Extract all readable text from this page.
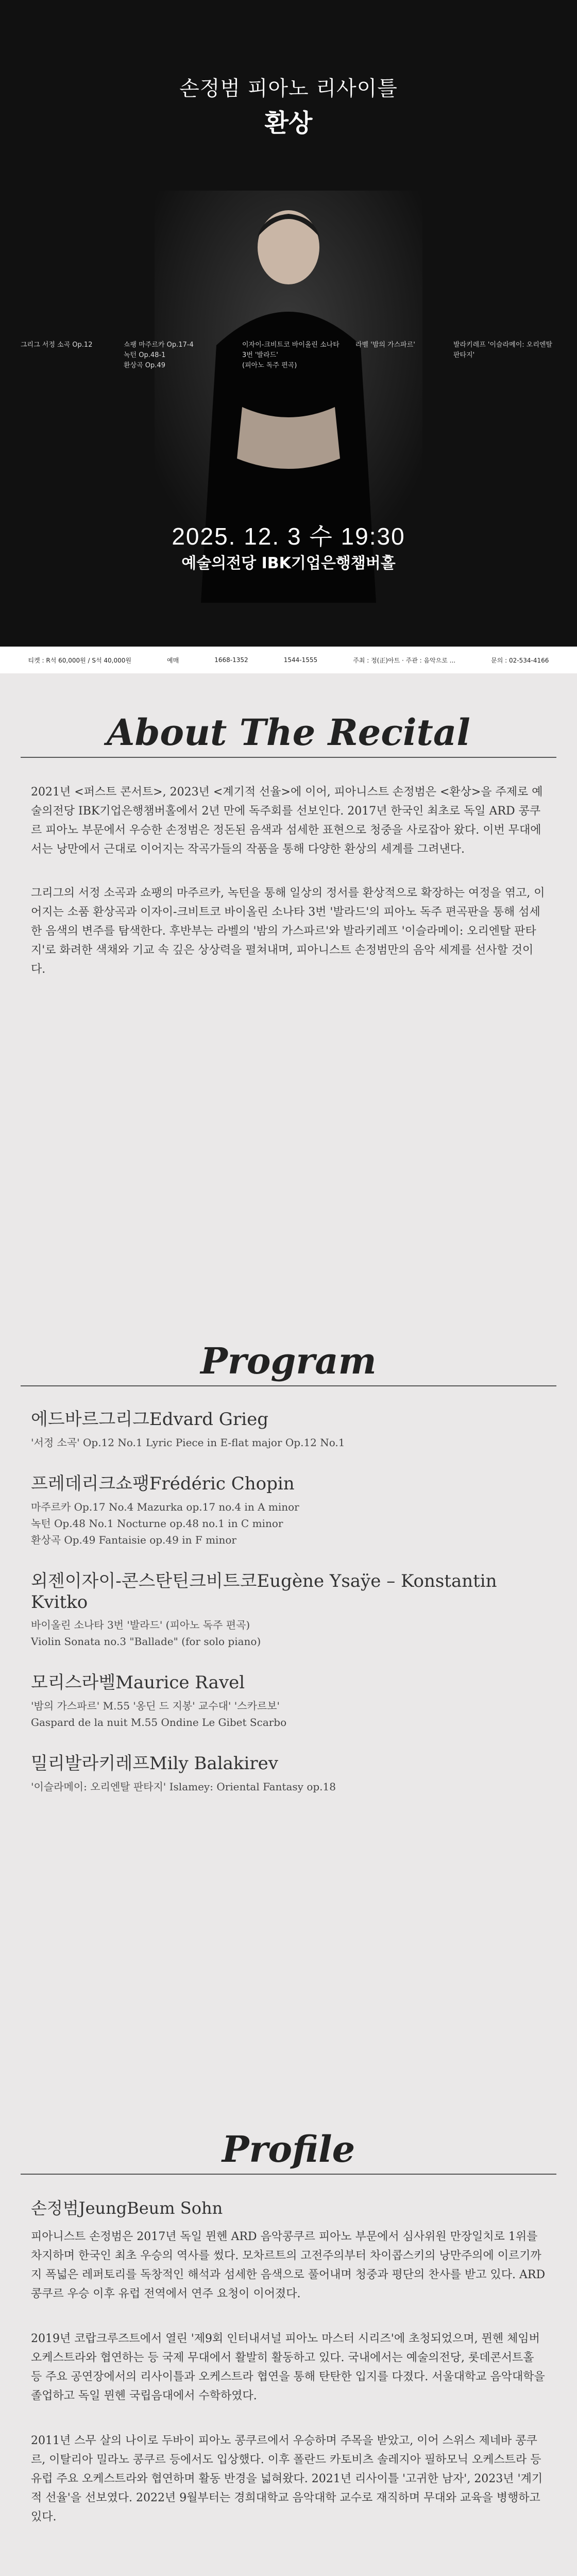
손정범 피아노 리사이틀
환상
그리그 서정 소곡 Op.12	쇼팽 마주르카 Op.17-4
녹턴 Op.48-1
환상곡 Op.49
이자이-크비트코 바이올린 소나타 3번 '발라드'
(피아노 독주 편곡)
라벨 '밤의 가스파르'	발라키레프 '이슬라메이: 오리엔탈 판타지'
2025. 12. 3 수 19:30
예술의전당 IBK기업은행챔버홀
티켓 : R석 60,000원 / S석 40,000원	예매	1668-1352	1544-1555	주최 : 정(正)아트 · 주관 : 음악으로 ...	문의 : 02-534-4166
About The Recital

2021년 <퍼스트 콘서트>, 2023년 <계기적 선율>에 이어, 피아니스트 손정범은 <환상>을 주제로 예술의전당 IBK기업은행챔버홀에서 2년 만에 독주회를 선보인다. 2017년 한국인 최초로 독일 ARD 콩쿠르 피아노 부문에서 우승한 손정범은 정돈된 음색과 섬세한 표현으로 청중을 사로잡아 왔다. 이번 무대에서는 낭만에서 근대로 이어지는 작곡가들의 작품을 통해 다양한 환상의 세계를 그려낸다.

그리그의 서정 소곡과 쇼팽의 마주르카, 녹턴을 통해 일상의 정서를 환상적으로 확장하는 여정을 엮고, 이어지는 소품 환상곡과 이자이-크비트코 바이올린 소나타 3번 '발라드'의 피아노 독주 편곡판을 통해 섬세한 음색의 변주를 탐색한다. 후반부는 라벨의 '밤의 가스파르'와 발라키레프 '이슬라메이: 오리엔탈 판타지'로 화려한 색채와 기교 속 깊은 상상력을 펼쳐내며, 피아니스트 손정범만의 음악 세계를 선사할 것이다.

Program
에드바르그리그Edvard Grieg
'서정 소곡' Op.12 No.1 Lyric Piece in E-flat major Op.12 No.1
프레데리크쇼팽Frédéric Chopin
마주르카 Op.17 No.4 Mazurka op.17 no.4 in A minor
녹턴 Op.48 No.1 Nocturne op.48 no.1 in C minor
환상곡 Op.49 Fantaisie op.49 in F minor
외젠이자이-콘스탄틴크비트코Eugène Ysaÿe – Konstantin Kvitko
바이올린 소나타 3번 '발라드' (피아노 독주 편곡)
Violin Sonata no.3 "Ballade" (for solo piano)
모리스라벨Maurice Ravel
'밤의 가스파르' M.55 '옹딘 드 지봉' 교수대' '스카르보'
Gaspard de la nuit M.55 Ondine Le Gibet Scarbo
밀리발라키레프Mily Balakirev
'이슬라메이: 오리엔탈 판타지' Islamey: Oriental Fantasy op.18
Profile
손정범JeungBeum Sohn

피아니스트 손정범은 2017년 독일 뮌헨 ARD 음악콩쿠르 피아노 부문에서 심사위원 만장일치로 1위를 차지하며 한국인 최초 우승의 역사를 썼다. 모차르트의 고전주의부터 차이콥스키의 낭만주의에 이르기까지 폭넓은 레퍼토리를 독창적인 해석과 섬세한 음색으로 풀어내며 청중과 평단의 찬사를 받고 있다. ARD 콩쿠르 우승 이후 유럽 전역에서 연주 요청이 이어졌다.

2019년 코랍크루즈트에서 열린 '제9회 인터내셔널 피아노 마스터 시리즈'에 초청되었으며, 뮌헨 체임버 오케스트라와 협연하는 등 국제 무대에서 활발히 활동하고 있다. 국내에서는 예술의전당, 롯데콘서트홀 등 주요 공연장에서의 리사이틀과 오케스트라 협연을 통해 탄탄한 입지를 다졌다. 서울대학교 음악대학을 졸업하고 독일 뮌헨 국립음대에서 수학하였다.

2011년 스무 살의 나이로 두바이 피아노 콩쿠르에서 우승하며 주목을 받았고, 이어 스위스 제네바 콩쿠르, 이탈리아 밀라노 콩쿠르 등에서도 입상했다. 이후 폴란드 카토비츠 솔레지아 필하모닉 오케스트라 등 유럽 주요 오케스트라와 협연하며 활동 반경을 넓혀왔다. 2021년 리사이틀 '고귀한 남자', 2023년 '계기적 선율'을 선보였다. 2022년 9월부터는 경희대학교 음악대학 교수로 재직하며 무대와 교육을 병행하고 있다.
